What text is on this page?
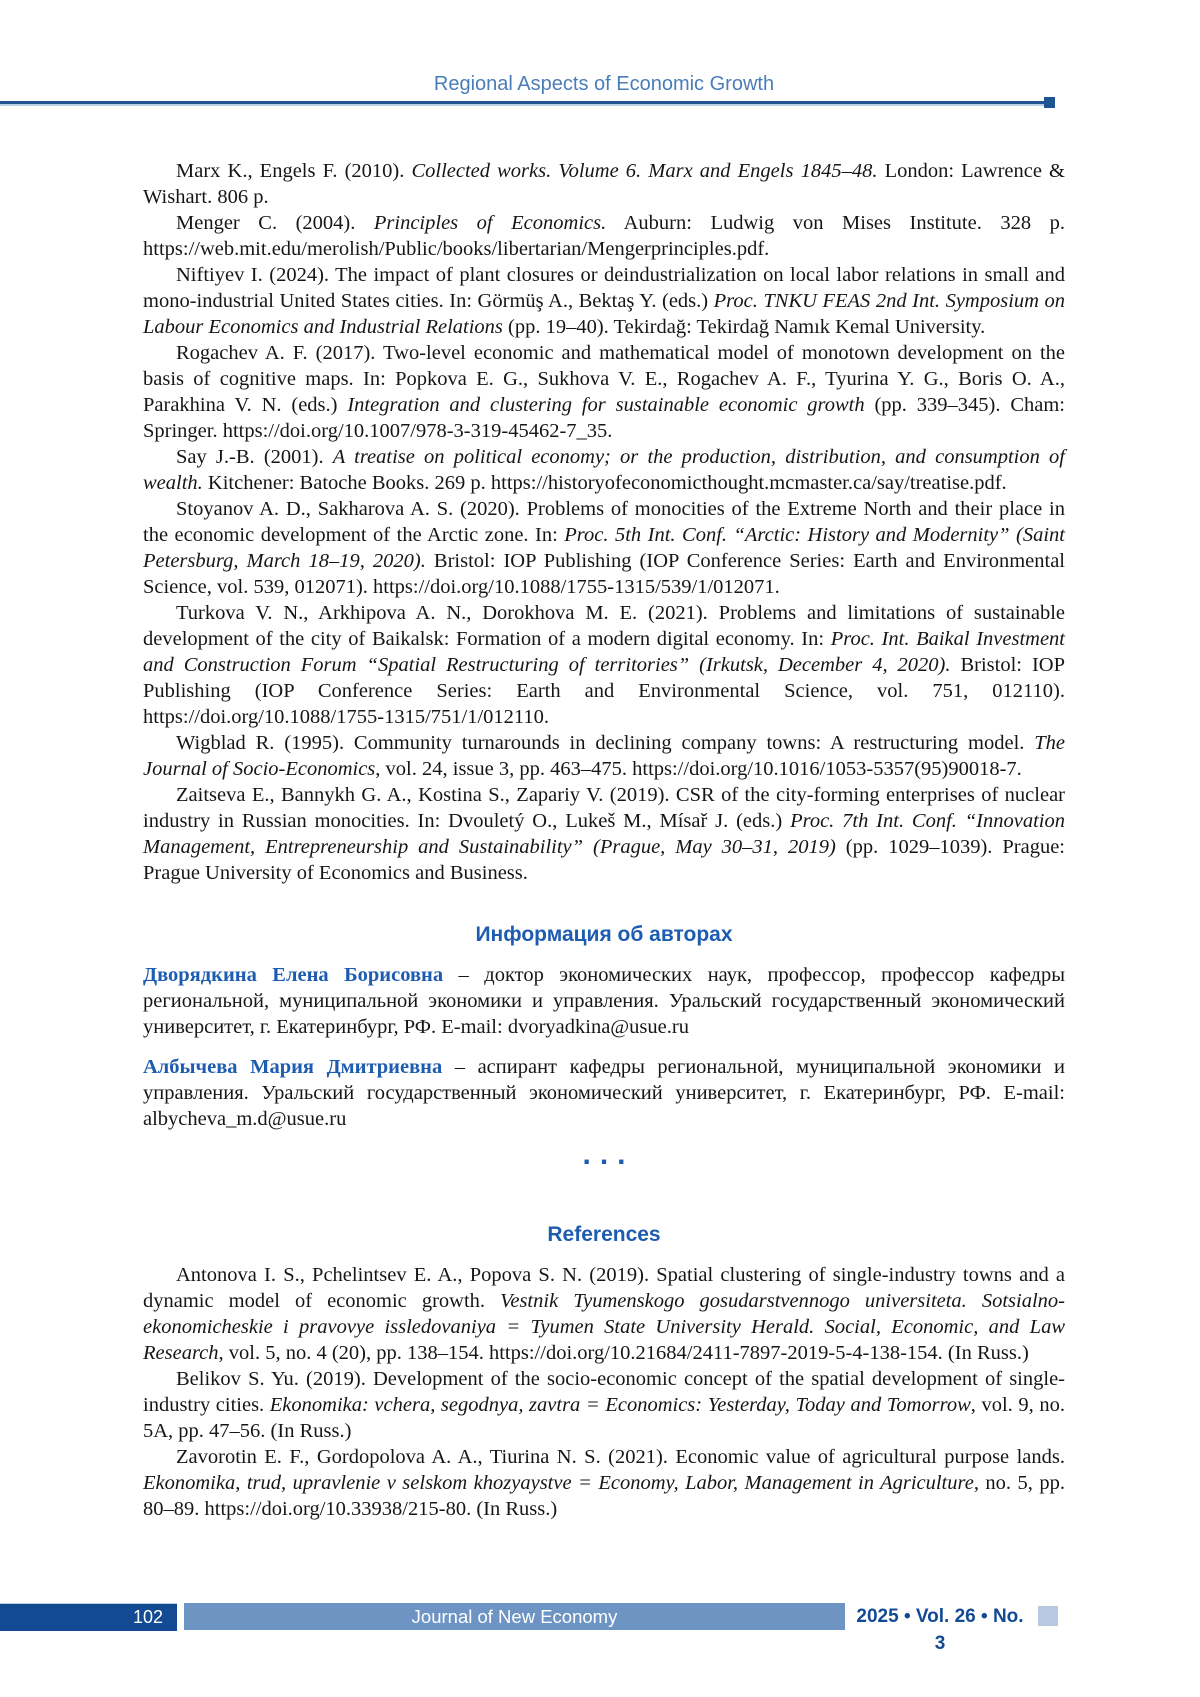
Regional Aspects of Economic Growth

Marx K., Engels F. (2010). Collected works. Volume 6. Marx and Engels 1845–48. London: Lawrence & Wishart. 806 p.

Menger C. (2004). Principles of Economics. Auburn: Ludwig von Mises Institute. 328 p. https://web.mit.edu/merolish/Public/books/libertarian/Mengerprinciples.pdf.

Niftiyev I. (2024). The impact of plant closures or deindustrialization on local labor relations in small and mono-industrial United States cities. In: Görmüş A., Bektaş Y. (eds.) Proc. TNKU FEAS 2nd Int. Symposium on Labour Economics and Industrial Relations (pp. 19–40). Tekirdağ: Tekirdağ Namık Kemal University.

Rogachev A. F. (2017). Two-level economic and mathematical model of monotown development on the basis of cognitive maps. In: Popkova E. G., Sukhova V. E., Rogachev A. F., Tyurina Y. G., Boris O. A., Parakhina V. N. (eds.) Integration and clustering for sustainable economic growth (pp. 339–345). Cham: Springer. https://doi.org/10.1007/978-3-319-45462-7_35.

Say J.-B. (2001). A treatise on political economy; or the production, distribution, and consumption of wealth. Kitchener: Batoche Books. 269 p. https://historyofeconomicthought.mcmaster.ca/say/treatise.pdf.

Stoyanov A. D., Sakharova A. S. (2020). Problems of monocities of the Extreme North and their place in the economic development of the Arctic zone. In: Proc. 5th Int. Conf. “Arctic: History and Modernity” (Saint Petersburg, March 18–19, 2020). Bristol: IOP Publishing (IOP Conference Series: Earth and Environmental Science, vol. 539, 012071). https://doi.org/10.1088/1755-1315/539/1/012071.

Turkova V. N., Arkhipova A. N., Dorokhova M. E. (2021). Problems and limitations of sustainable development of the city of Baikalsk: Formation of a modern digital economy. In: Proc. Int. Baikal Investment and Construction Forum “Spatial Restructuring of territories” (Irkutsk, December 4, 2020). Bristol: IOP Publishing (IOP Conference Series: Earth and Environmental Science, vol. 751, 012110). https://doi.org/10.1088/1755-1315/751/1/012110.

Wigblad R. (1995). Community turnarounds in declining company towns: A restructuring model. The Journal of Socio-Economics, vol. 24, issue 3, pp. 463–475. https://doi.org/10.1016/1053-5357(95)90018-7.

Zaitseva E., Bannykh G. A., Kostina S., Zapariy V. (2019). CSR of the city-forming enterprises of nuclear industry in Russian monocities. In: Dvouletý O., Lukeš M., Mísař J. (eds.) Proc. 7th Int. Conf. “Innovation Management, Entrepreneurship and Sustainability” (Prague, May 30–31, 2019) (pp. 1029–1039). Prague: Prague University of Economics and Business.

Информация об авторах

Дворядкина Елена Борисовна – доктор экономических наук, профессор, профессор кафедры региональной, муниципальной экономики и управления. Уральский государственный экономический университет, г. Екатеринбург, РФ. E-mail: dvoryadkina@usue.ru

Албычева Мария Дмитриевна – аспирант кафедры региональной, муниципальной экономики и управления. Уральский государственный экономический университет, г. Екатеринбург, РФ. E-mail: albycheva_m.d@usue.ru

...
References

Antonova I. S., Pchelintsev E. A., Popova S. N. (2019). Spatial clustering of single-industry towns and a dynamic model of economic growth. Vestnik Tyumenskogo gosudarstvennogo universiteta. Sotsialno-ekonomicheskie i pravovye issledovaniya = Tyumen State University Herald. Social, Economic, and Law Research, vol. 5, no. 4 (20), pp. 138–154. https://doi.org/10.21684/2411-7897-2019-5-4-138-154. (In Russ.)

Belikov S. Yu. (2019). Development of the socio-economic concept of the spatial development of single-industry cities. Ekonomika: vchera, segodnya, zavtra = Economics: Yesterday, Today and Tomorrow, vol. 9, no. 5A, pp. 47–56. (In Russ.)

Zavorotin E. F., Gordopolova A. A., Tiurina N. S. (2021). Economic value of agricultural purpose lands. Ekonomika, trud, upravlenie v selskom khozyaystve = Economy, Labor, Management in Agriculture, no. 5, pp. 80–89. https://doi.org/10.33938/215-80. (In Russ.)

102	Journal of New Economy	2025 • Vol. 26 • No. 3
